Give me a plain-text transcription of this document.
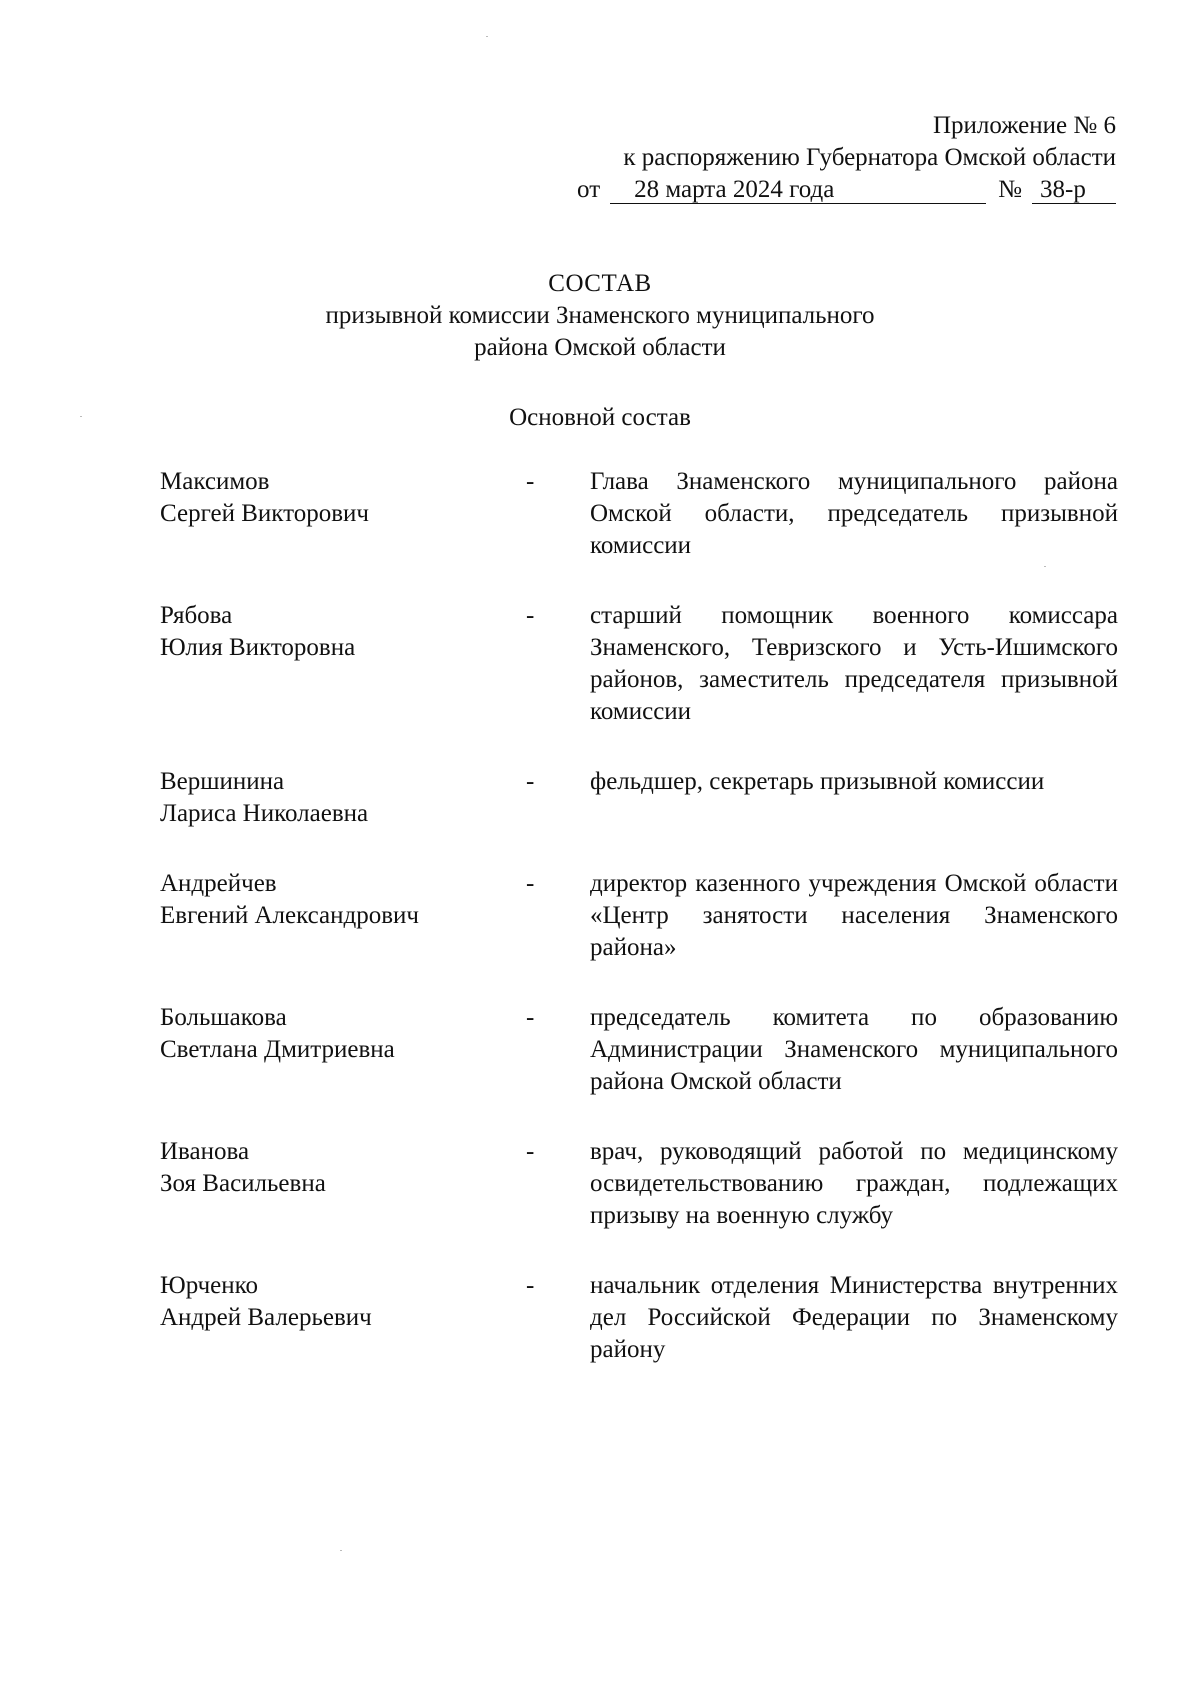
Приложение № 6
к распоряжению Губернатора Омской области
от	28 марта 2024 года	№ 38-р
СОСТАВ
призывной комиссии Знаменского муниципального
района Омской области
Основной состав
Максимов
Сергей Викторович
-	Глава Знаменского муниципального района Омской области, председатель призывной комиссии
Рябова
Юлия Викторовна
-	старший помощник военного комиссара Знаменского, Тевризского и Усть-Ишимского районов, заместитель председателя призывной комиссии
Вершинина
Лариса Николаевна
-	фельдшер, секретарь призывной комиссии
Андрейчев
Евгений Александрович
-	директор казенного учреждения Омской области «Центр занятости населения Знаменского района»
Большакова
Светлана Дмитриевна
-	председатель комитета по образованию Администрации Знаменского муниципального района Омской области
Иванова
Зоя Васильевна
-	врач, руководящий работой по медицинскому освидетельствованию граждан, подлежащих призыву на военную службу
Юрченко
Андрей Валерьевич
-	начальник отделения Министерства внутренних дел Российской Федерации по Знаменскому району
